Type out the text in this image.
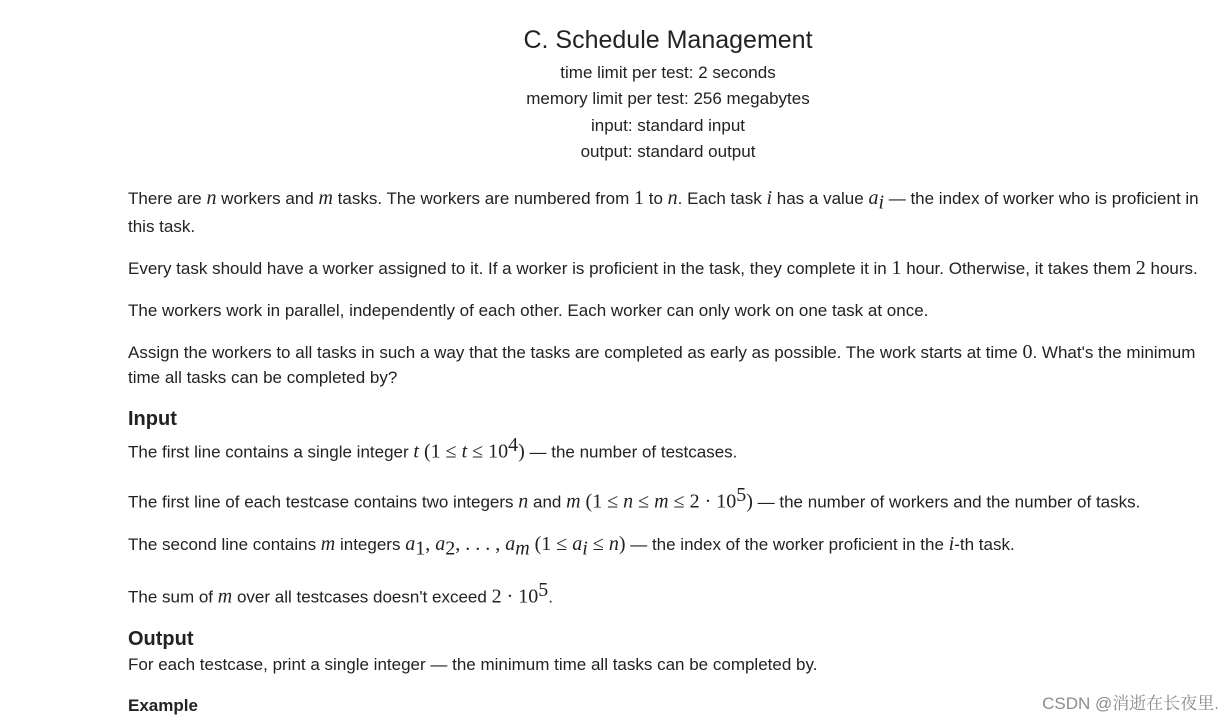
C. Schedule Management
time limit per test: 2 seconds
memory limit per test: 256 megabytes
input: standard input
output: standard output

There are n workers and m tasks. The workers are numbered from 1 to n. Each task i has a value $a_i$ — the index of worker who is proficient in this task.

Every task should have a worker assigned to it. If a worker is proficient in the task, they complete it in 1 hour. Otherwise, it takes them 2 hours.

The workers work in parallel, independently of each other. Each worker can only work on one task at once.

Assign the workers to all tasks in such a way that the tasks are completed as early as possible. The work starts at time 0. What's the minimum time all tasks can be completed by?

Input

The first line contains a single integer t $(1 \le t \le 10^4)$ — the number of testcases.

The first line of each testcase contains two integers n and m $(1 \le n \le m \le 2 \cdot 10^5)$ — the number of workers and the number of tasks.

The second line contains m integers $a_1$, $a_2$, . . . , $a_m$ $(1 \le a_i \le n)$ — the index of the worker proficient in the i-th task.

The sum of m over all testcases doesn't exceed $2 \cdot 10^5$.

Output

For each testcase, print a single integer — the minimum time all tasks can be completed by.

Example	CSDN @消逝在长夜里.
